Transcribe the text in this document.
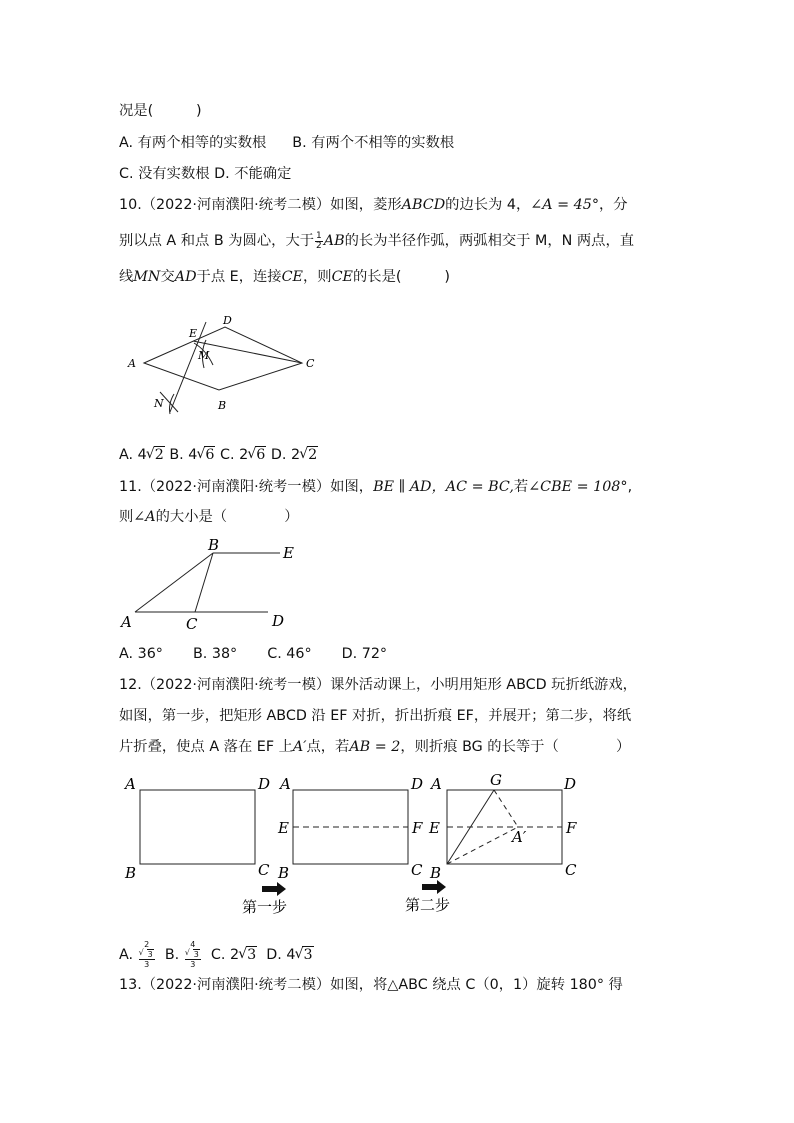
况是(　　　)
A. 有两个相等的实数根 B. 有两个不相等的实数根
C. 没有实数根 D. 不能确定
10.（2022·河南濮阳·统考二模）如图，菱形ABCD的边长为 4，∠A = 45°，分
别以点 A 和点 B 为圆心，大于 $\frac{1}{2}$ AB的长为半径作弧，两弧相交于 M，N 两点，直
线MN交AD于点 E，连接CE，则CE的长是(　　　)
A
B
C
D
E
M
N
A. 4 √ 2 B. 4 √ 6 C. 2 √ 6 D. 2 √ 2
11.（2022·河南濮阳·统考一模）如图，BE ∥ AD，AC = BC,若∠CBE = 108°,
则∠A的大小是（　　　　）
A
B
C	D
E
A. 36° B. 38° C. 46° D. 72°
12.（2022·河南濮阳·统考一模）课外活动课上，小明用矩形 ABCD 玩折纸游戏，
如图，第一步，把矩形 ABCD 沿 EF 对折，折出折痕 EF，并展开；第二步，将纸
片折叠，使点 A 落在 EF 上A′点，若AB = 2，则折痕 BG 的长等于（　　　　）
A	D
B	C
第一步
A	D
E	F
B	C
第二步
A	G	D
E	F
A′
B	C
A. 2
√ 3
3 B. 4
√ 3
3 C. 2 √ 3 D. 4 √ 3
13.（2022·河南濮阳·统考二模）如图，将△ABC 绕点 C（0，1）旋转 180° 得
